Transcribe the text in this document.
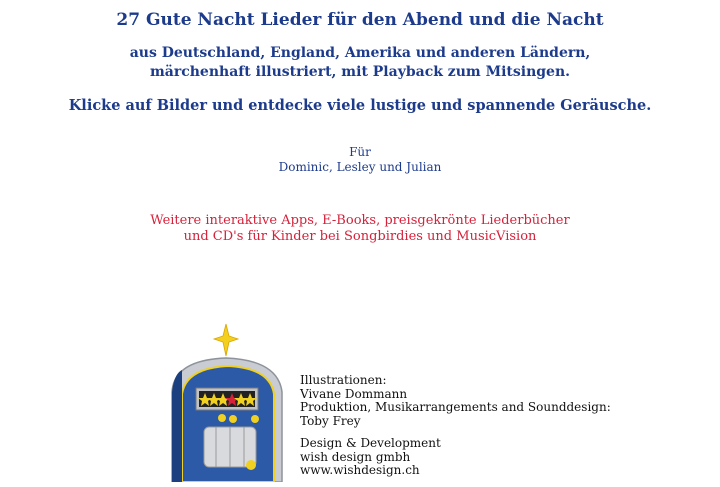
27 Gute Nacht Lieder für den Abend und die Nacht
aus Deutschland, England, Amerika und anderen Ländern,
märchenhaft illustriert, mit Playback zum Mitsingen.
Klicke auf Bilder und entdecke viele lustige und spannende Geräusche.
Für
Dominic, Lesley und Julian
Weitere interaktive Apps, E-Books, preisgekrönte Liederbücher
und CD's für Kinder bei Songbirdies und MusicVision

Illustrationen:
Vivane Dommann
Produktion, Musikarrangements and Sounddesign:
Toby Frey

Design & Development
wish design gmbh
www.wishdesign.ch
